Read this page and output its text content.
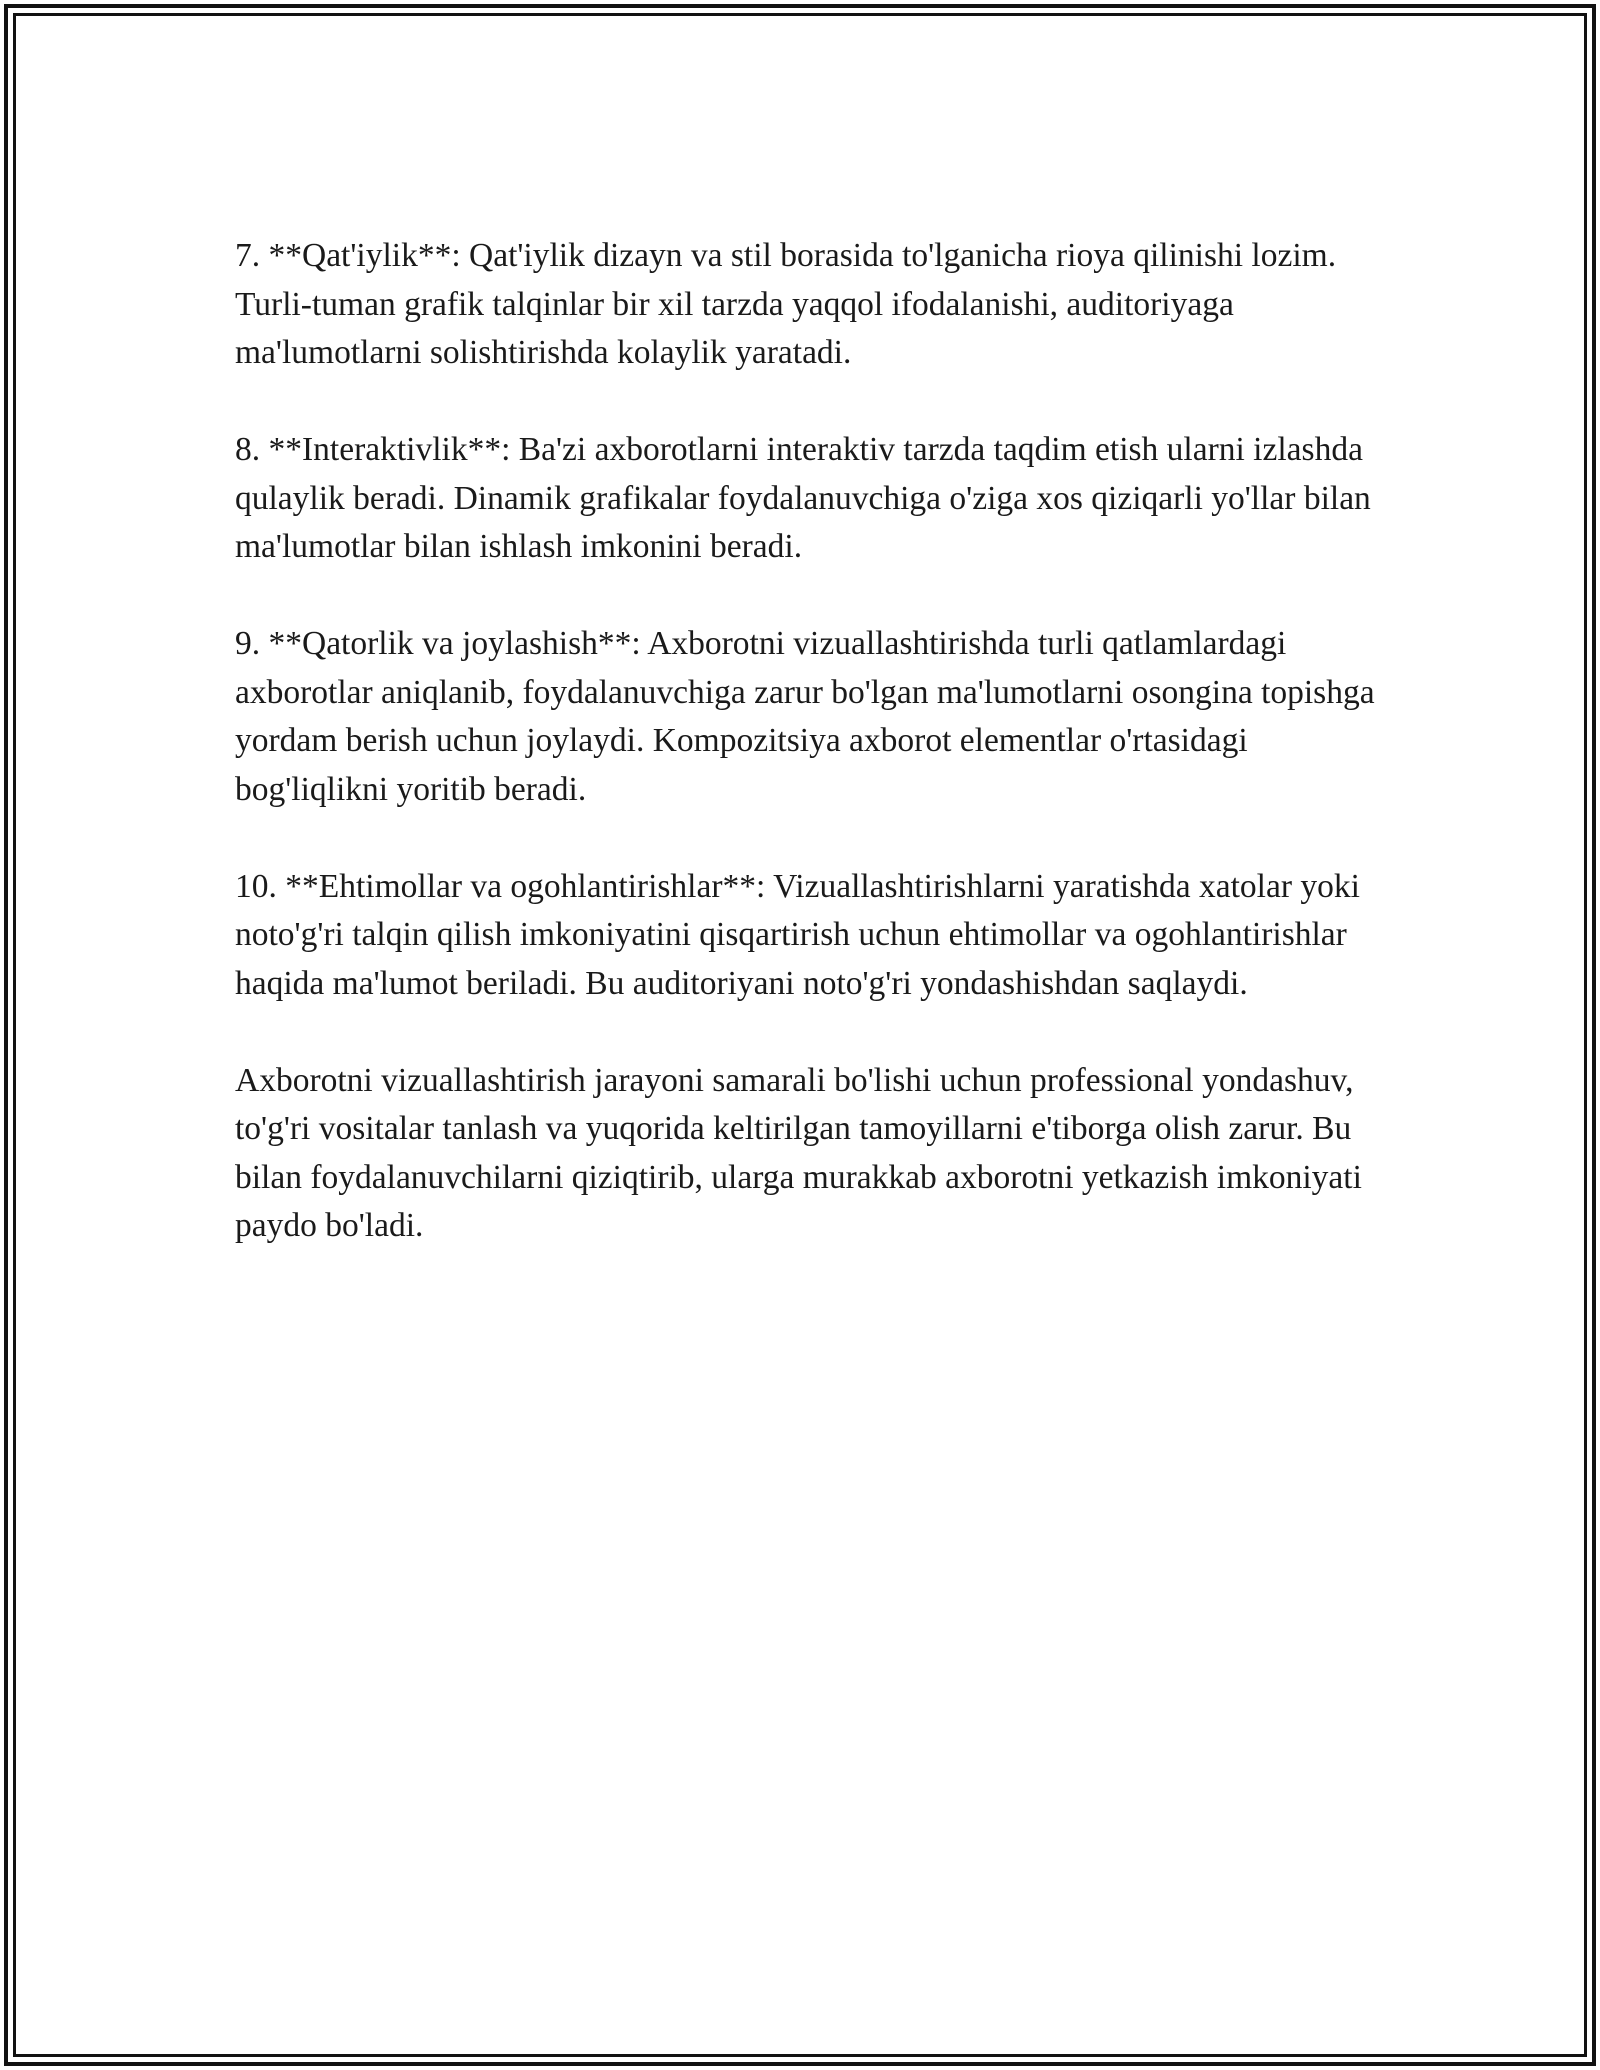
7. **Qat'iylik**: Qat'iylik dizayn va stil borasida to'lganicha rioya qilinishi lozim. Turli-tuman grafik talqinlar bir xil tarzda yaqqol ifodalanishi, auditoriyaga ma'lumotlarni solishtirishda kolaylik yaratadi.

8. **Interaktivlik**: Ba'zi axborotlarni interaktiv tarzda taqdim etish ularni izlashda qulaylik beradi. Dinamik grafikalar foydalanuvchiga o'ziga xos qiziqarli yo'llar bilan ma'lumotlar bilan ishlash imkonini beradi.

9. **Qatorlik va joylashish**: Axborotni vizuallashtirishda turli qatlamlardagi axborotlar aniqlanib, foydalanuvchiga zarur bo'lgan ma'lumotlarni osongina topishga yordam berish uchun joylaydi. Kompozitsiya axborot elementlar o'rtasidagi bog'liqlikni yoritib beradi.

10. **Ehtimollar va ogohlantirishlar**: Vizuallashtirishlarni yaratishda xatolar yoki noto'g'ri talqin qilish imkoniyatini qisqartirish uchun ehtimollar va ogohlantirishlar haqida ma'lumot beriladi. Bu auditoriyani noto'g'ri yondashishdan saqlaydi.

Axborotni vizuallashtirish jarayoni samarali bo'lishi uchun professional yondashuv, to'g'ri vositalar tanlash va yuqorida keltirilgan tamoyillarni e'tiborga olish zarur. Bu bilan foydalanuvchilarni qiziqtirib, ularga murakkab axborotni yetkazish imkoniyati paydo bo'ladi.
